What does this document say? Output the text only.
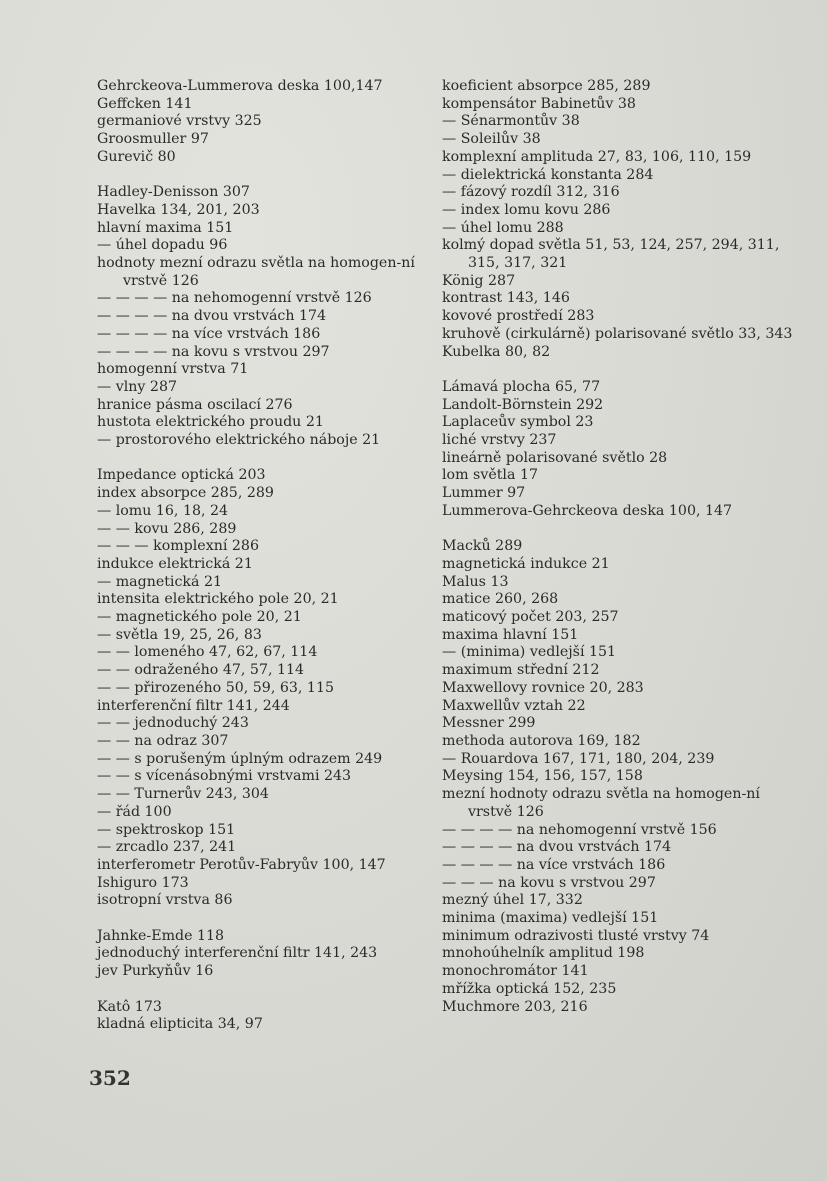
Gehrckeova-Lummerova deska 100,147
Geffcken 141
germaniové vrstvy 325
Groosmuller 97
Gurevič 80
Hadley-Denisson 307
Havelka 134, 201, 203
hlavní maxima 151
— úhel dopadu 96
hodnoty mezní odrazu světla na homogen-ní vrstvě 126
— — — — na nehomogenní vrstvě 126
— — — — na dvou vrstvách 174
— — — — na více vrstvách 186
— — — — na kovu s vrstvou 297
homogenní vrstva 71
— vlny 287
hranice pásma oscilací 276
hustota elektrického proudu 21
— prostorového elektrického náboje 21
Impedance optická 203
index absorpce 285, 289
— lomu 16, 18, 24
— — kovu 286, 289
— — — komplexní 286
indukce elektrická 21
— magnetická 21
intensita elektrického pole 20, 21
— magnetického pole 20, 21
— světla 19, 25, 26, 83
— — lomeného 47, 62, 67, 114
— — odraženého 47, 57, 114
— — přirozeného 50, 59, 63, 115
interferenční filtr 141, 244
— — jednoduchý 243
— — na odraz 307
— — s porušeným úplným odrazem 249
— — s vícenásobnými vrstvami 243
— — Turnerův 243, 304
— řád 100
— spektroskop 151
— zrcadlo 237, 241
interferometr Perotův-Fabryův 100, 147
Ishiguro 173
isotropní vrstva 86
Jahnke-Emde 118
jednoduchý interferenční filtr 141, 243
jev Purkyňův 16
Katô 173
kladná elipticita 34, 97
koeficient absorpce 285, 289
kompensátor Babinetův 38
— Sénarmontův 38
— Soleilův 38
komplexní amplituda 27, 83, 106, 110, 159
— dielektrická konstanta 284
— fázový rozdíl 312, 316
— index lomu kovu 286
— úhel lomu 288
kolmý dopad světla 51, 53, 124, 257, 294, 311, 315, 317, 321
König 287
kontrast 143, 146
kovové prostředí 283
kruhově (cirkulárně) polarisované světlo 33, 343
Kubelka 80, 82
Lámavá plocha 65, 77
Landolt-Börnstein 292
Laplaceův symbol 23
liché vrstvy 237
lineárně polarisované světlo 28
lom světla 17
Lummer 97
Lummerova-Gehrckeova deska 100, 147
Macků 289
magnetická indukce 21
Malus 13
matice 260, 268
maticový počet 203, 257
maxima hlavní 151
— (minima) vedlejší 151
maximum střední 212
Maxwellovy rovnice 20, 283
Maxwellův vztah 22
Messner 299
methoda autorova 169, 182
— Rouardova 167, 171, 180, 204, 239
Meysing 154, 156, 157, 158
mezní hodnoty odrazu světla na homogen-ní vrstvě 126
— — — — na nehomogenní vrstvě 156
— — — — na dvou vrstvách 174
— — — — na více vrstvách 186
— — — na kovu s vrstvou 297
mezný úhel 17, 332
minima (maxima) vedlejší 151
minimum odrazivosti tlusté vrstvy 74
mnohoúhelník amplitud 198
monochromátor 141
mřížka optická 152, 235
Muchmore 203, 216
352
